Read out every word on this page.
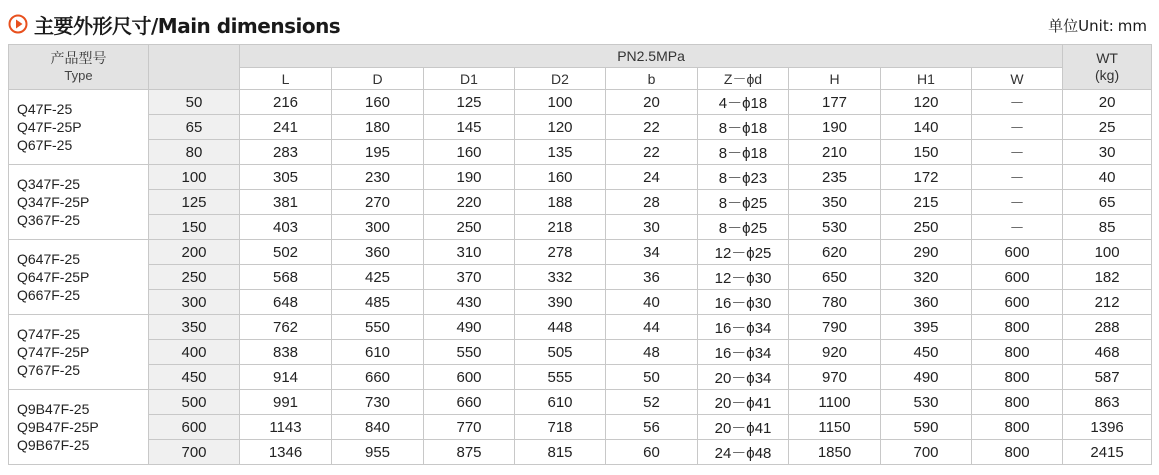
主要外形尺寸/Main dimensions	单位Unit: mm
产品型号
Type		PN2.5MPa									WT
(kg)

		L	D	D1	D2	b	Z－ϕd	H	H1	W	

Q47F-25
Q47F-25P
Q67F-25	50	216	160	125	100	20	4－ϕ18	177	120	－	20
	65	241	180	145	120	22	8－ϕ18	190	140	－	25
	80	283	195	160	135	22	8－ϕ18	210	150	－	30

Q347F-25
Q347F-25P
Q367F-25	100	305	230	190	160	24	8－ϕ23	235	172	－	40
	125	381	270	220	188	28	8－ϕ25	350	215	－	65
	150	403	300	250	218	30	8－ϕ25	530	250	－	85

Q647F-25
Q647F-25P
Q667F-25	200	502	360	310	278	34	12－ϕ25	620	290	600	100
	250	568	425	370	332	36	12－ϕ30	650	320	600	182
	300	648	485	430	390	40	16－ϕ30	780	360	600	212

Q747F-25
Q747F-25P
Q767F-25	350	762	550	490	448	44	16－ϕ34	790	395	800	288
	400	838	610	550	505	48	16－ϕ34	920	450	800	468
	450	914	660	600	555	50	20－ϕ34	970	490	800	587

Q9B47F-25
Q9B47F-25P
Q9B67F-25	500	991	730	660	610	52	20－ϕ41	1100	530	800	863
	600	1143	840	770	718	56	20－ϕ41	1150	590	800	1396
	700	1346	955	875	815	60	24－ϕ48	1850	700	800	2415
